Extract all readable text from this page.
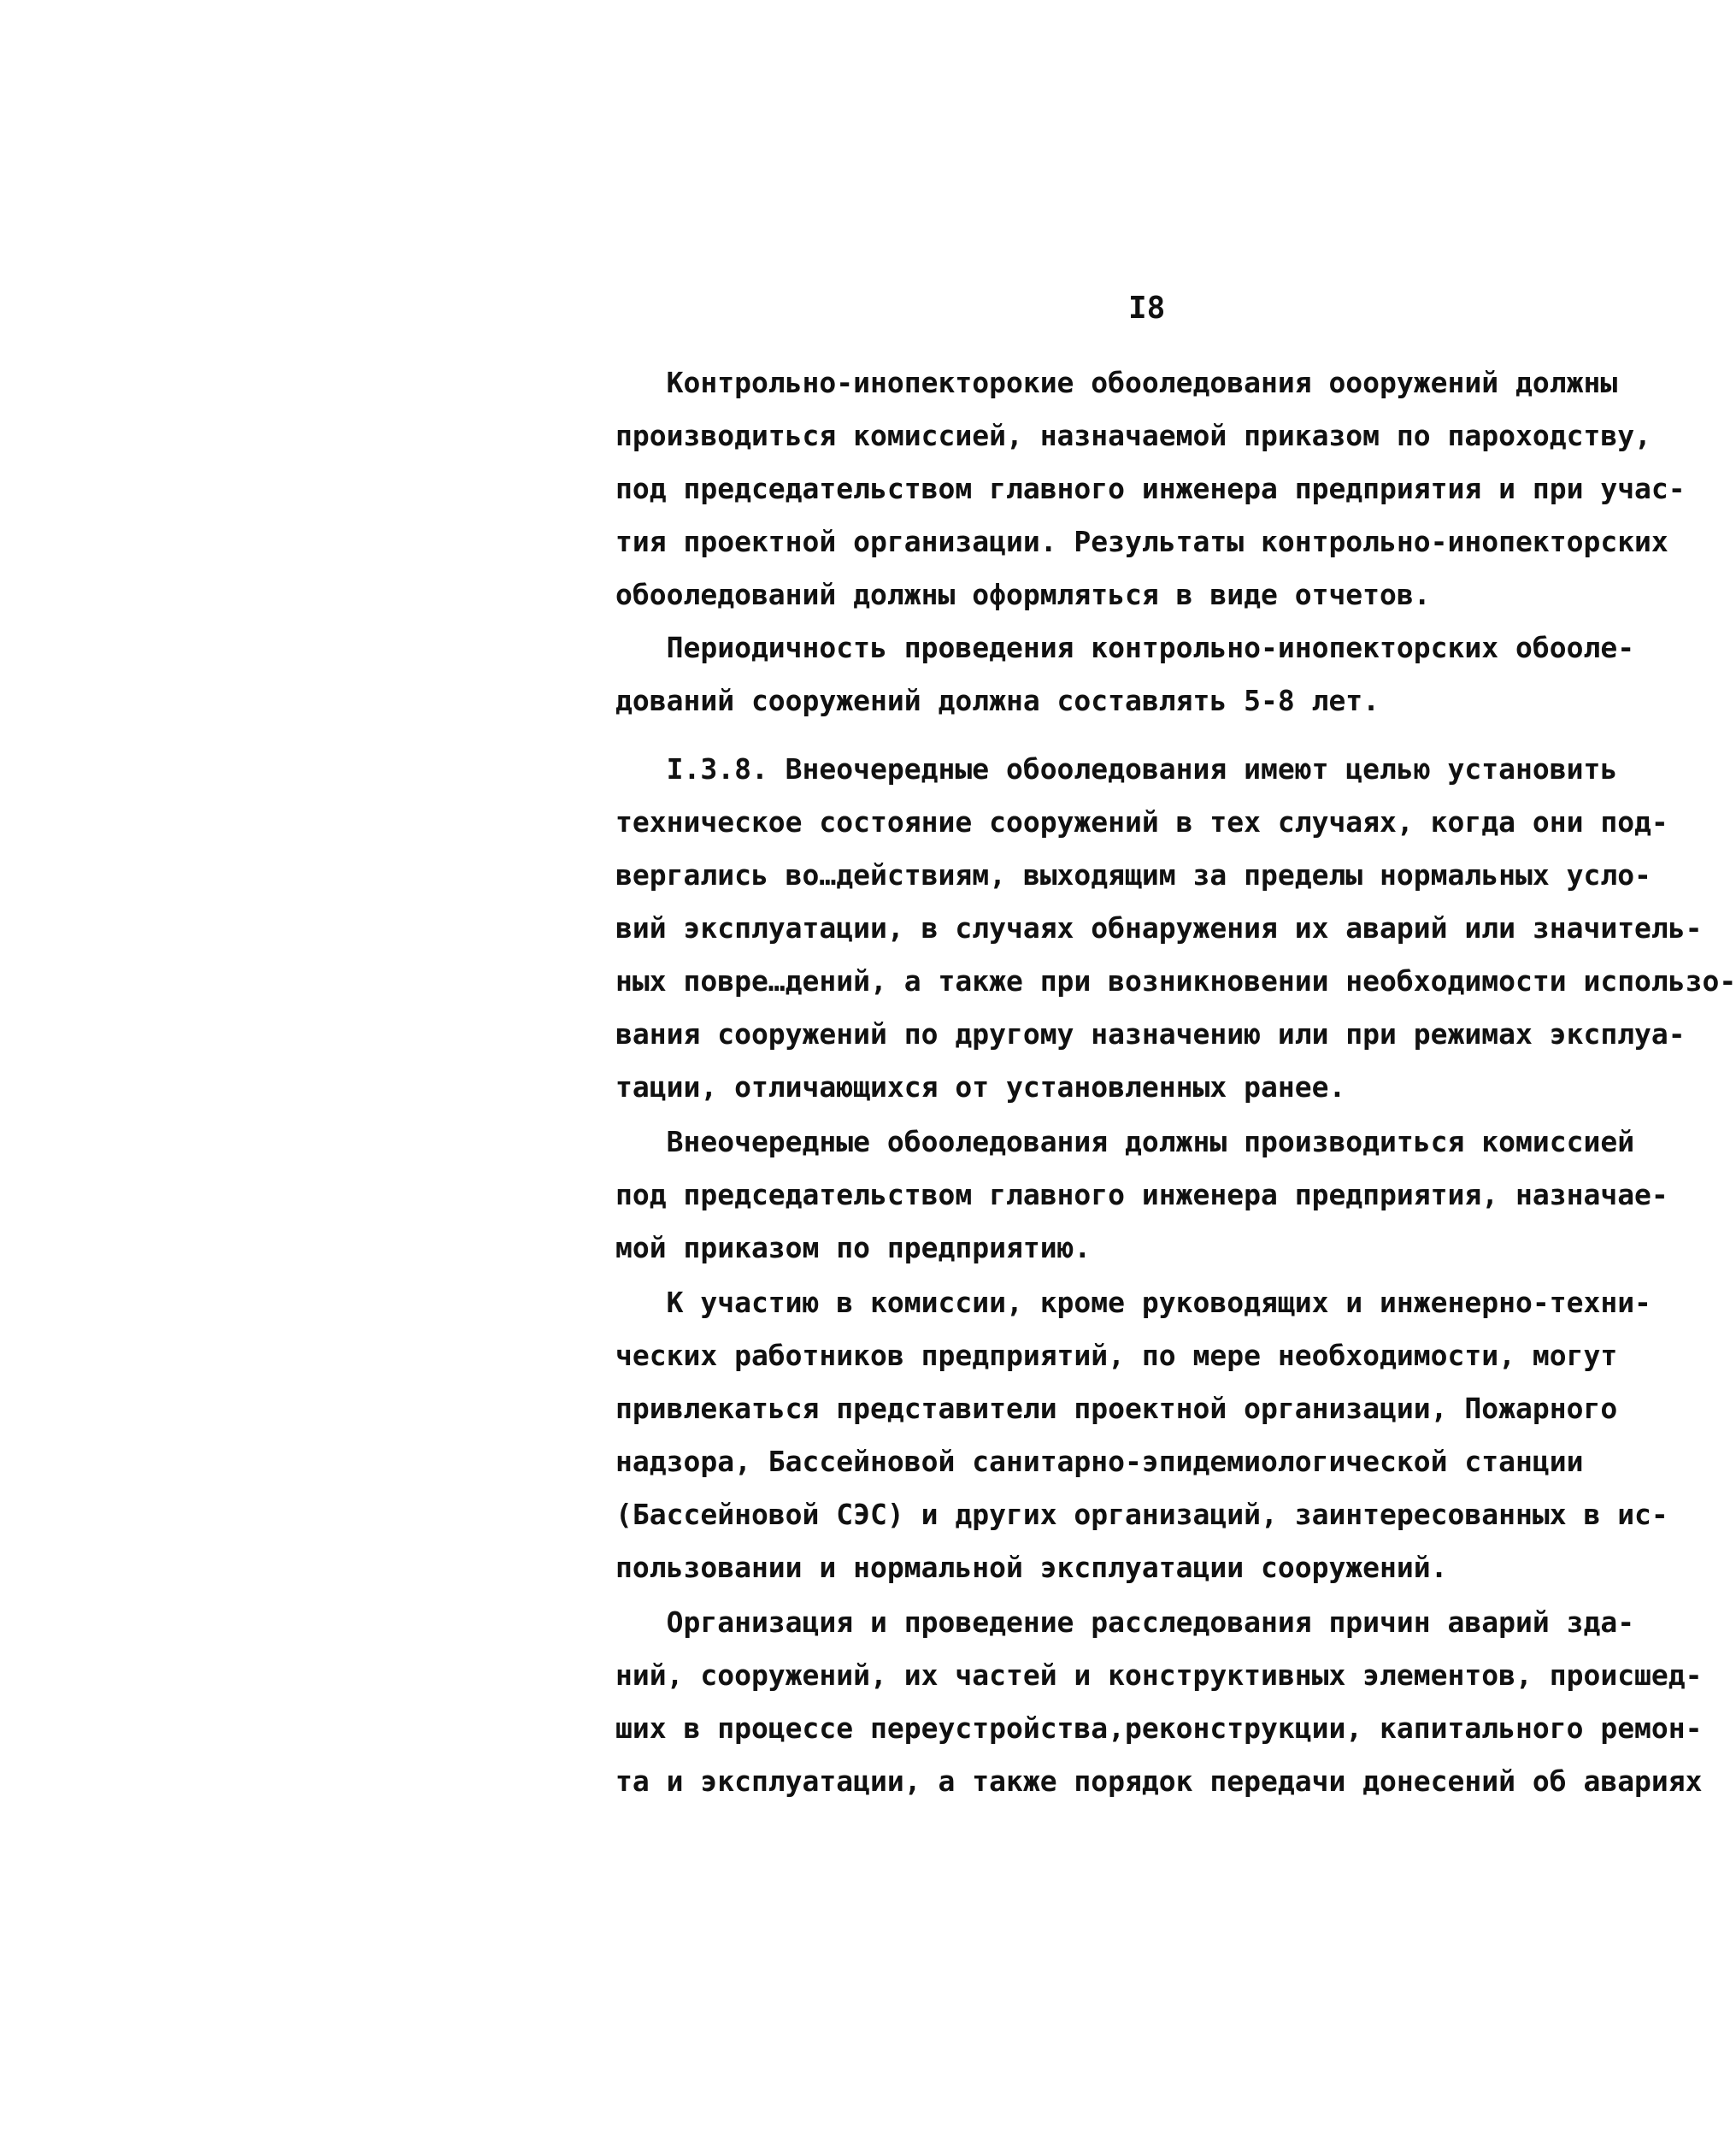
I8
Контрольно-инопекторокие обоoледования ооорyжений должны
производиться комиссией, назначаемой приказом по пароходству,
под председательством главного инженера предприятия и при учас-
тия проектной организации. Результаты контрольно-инопекторских
обоoледований должны оформляться в виде отчетов.
Периодичность проведения контрольно-инопекторских обоoле-
дований сооружений должна составлять 5-8 лет.
I.3.8. Внеочередные обоoледования имеют целью установить
техническое состояние сооружений в тех случаях, когда они под-
вергались во…действиям, выходящим за пределы нормальных усло-
вий эксплуатации, в случаях обнаружения их аварий или значитель-
ных повре…дений, а также при возникновении необходимости использо-
вания сооружений по другому назначению или при режимах эксплуа-
тации, отличающихся от установленных ранее.
Внеочередные обоoледования должны производиться комиссией
под председательством главного инженера предприятия, назначае-
мой приказом по предприятию.
К участию в комиссии, кроме руководящих и инженерно-техни-
ческих работников предприятий, по мере необходимости, могут
привлекаться представители проектной организации, Пожарного
надзора, Бассейновой санитарно-эпидемиологической станции
(Бассейновой СЭС) и других организаций, заинтересованных в ис-
пользовании и нормальной эксплуатации сооружений.
Организация и проведение расследования причин аварий зда-
ний, сооружений, их частей и конструктивных элементов, происшед-
ших в процессе переустройства,реконструкции, капитального ремон-
та и эксплуатации, а также порядок передачи донесений об авариях
